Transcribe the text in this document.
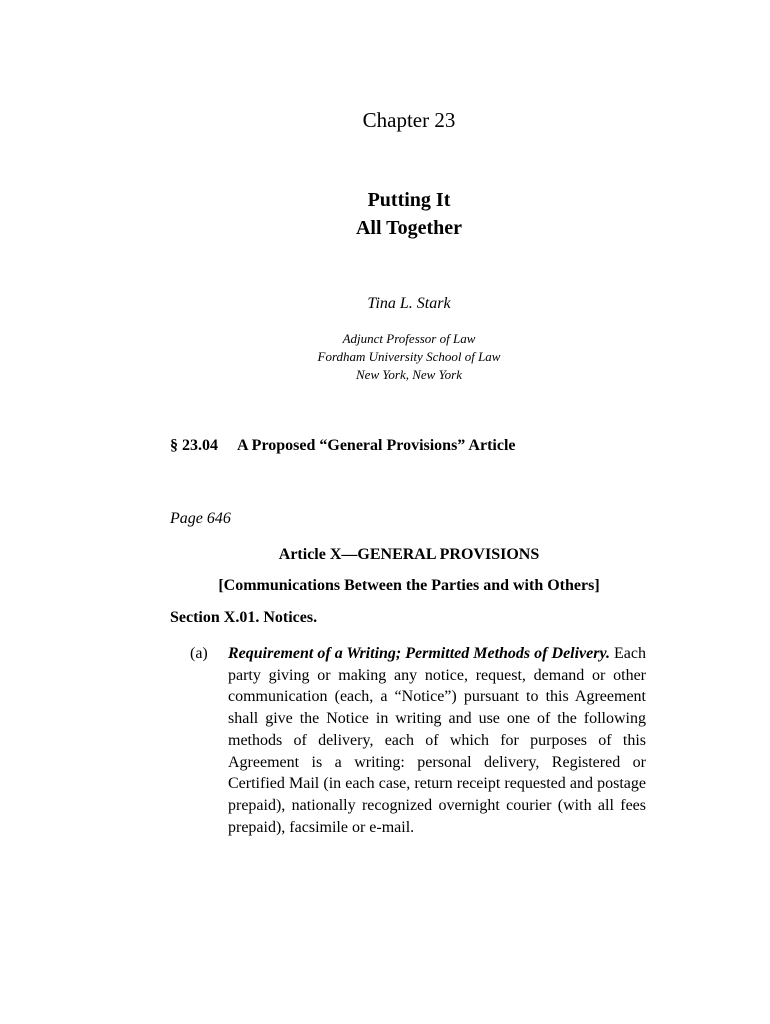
Chapter 23
Putting It
All Together
Tina L. Stark
Adjunct Professor of Law
Fordham University School of Law
New York, New York
§ 23.04 A Proposed “General Provisions” Article
Page 646
Article X—GENERAL PROVISIONS
[Communications Between the Parties and with Others]
Section X.01. Notices.
(a) Requirement of a Writing; Permitted Methods of Delivery. Each party giving or making any notice, request, demand or other communication (each, a “Notice”) pursuant to this Agreement shall give the Notice in writing and use one of the following methods of delivery, each of which for purposes of this Agreement is a writing: personal delivery, Registered or Certified Mail (in each case, return receipt requested and postage prepaid), nationally recognized overnight courier (with all fees prepaid), facsimile or e-mail.
